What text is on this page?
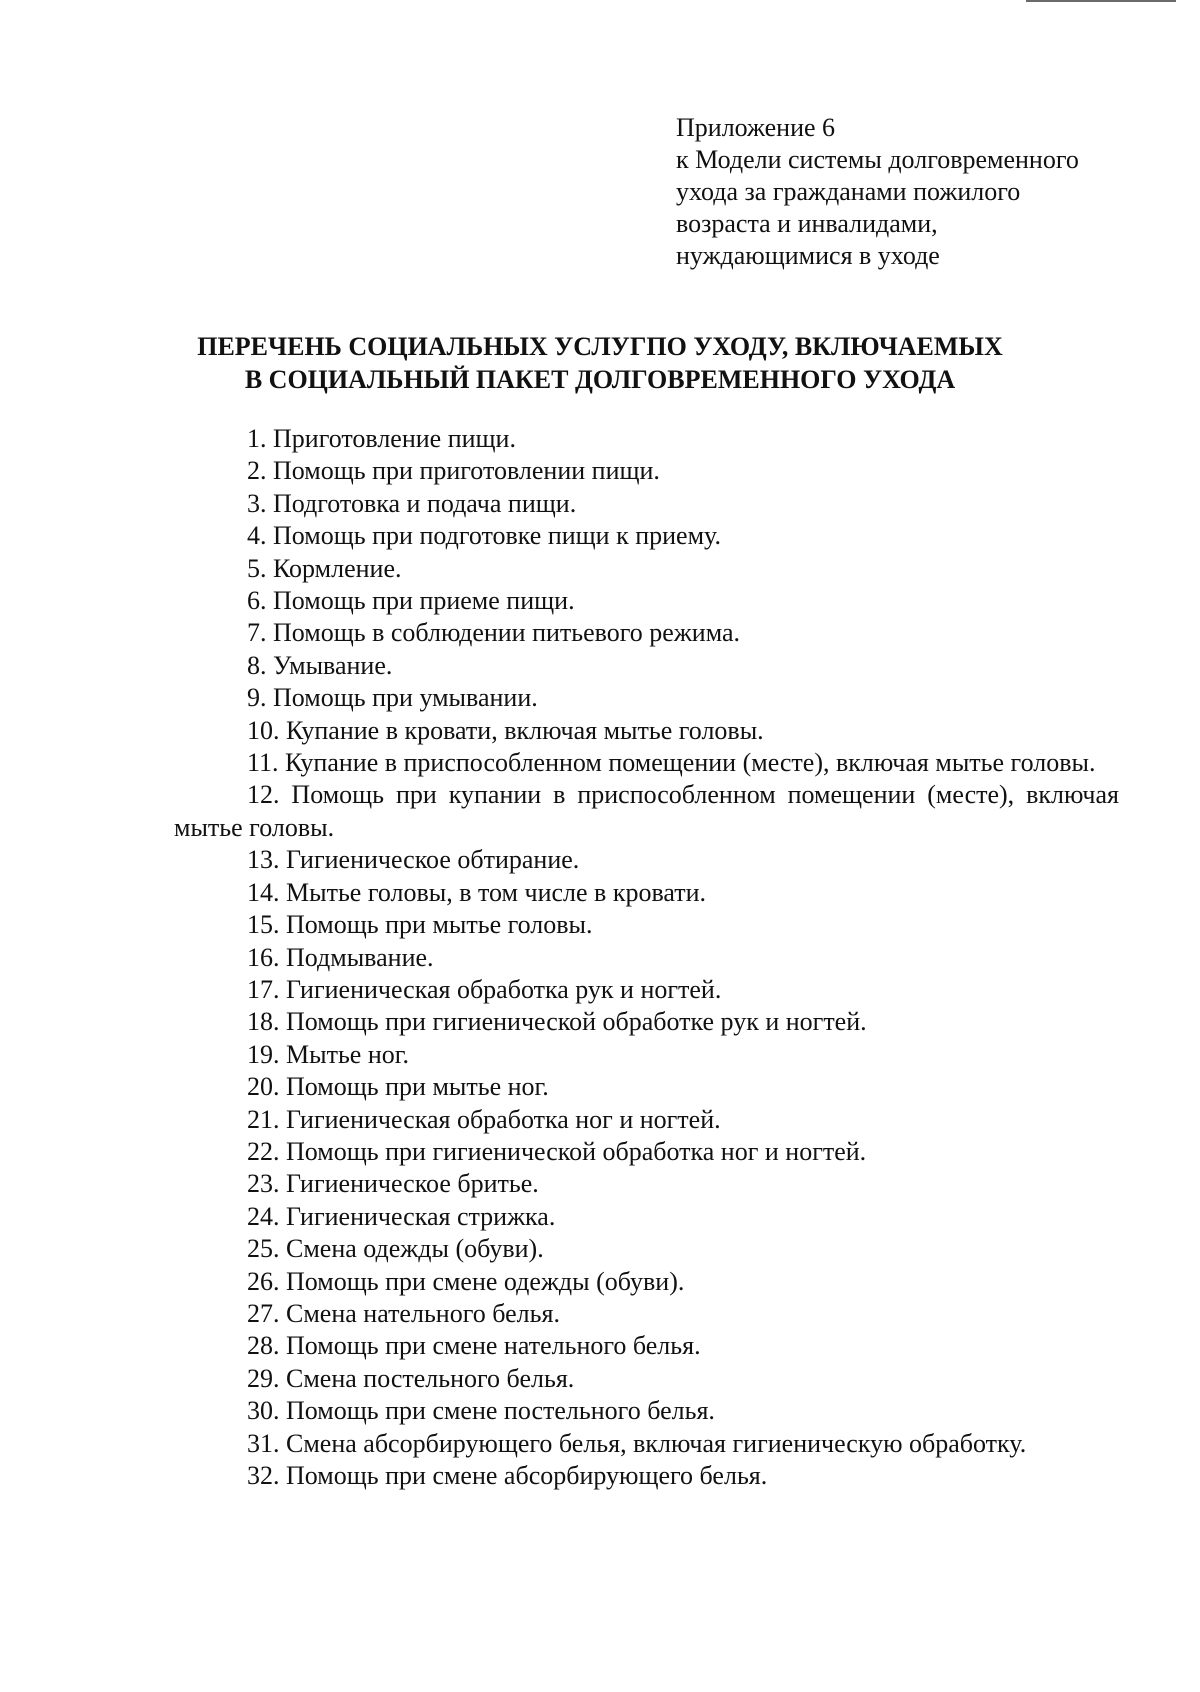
Приложение 6
к Модели системы долговременного
ухода за гражданами пожилого
возраста и инвалидами,
нуждающимися в уходе
ПЕРЕЧЕНЬ СОЦИАЛЬНЫХ УСЛУГПО УХОДУ, ВКЛЮЧАЕМЫХ
В СОЦИАЛЬНЫЙ ПАКЕТ ДОЛГОВРЕМЕННОГО УХОДА
1. Приготовление пищи.
2. Помощь при приготовлении пищи.
3. Подготовка и подача пищи.
4. Помощь при подготовке пищи к приему.
5. Кормление.
6. Помощь при приеме пищи.
7. Помощь в соблюдении питьевого режима.
8. Умывание.
9. Помощь при умывании.
10. Купание в кровати, включая мытье головы.
11. Купание в приспособленном помещении (месте), включая мытье головы.
12. Помощь при купании в приспособленном помещении (месте), включая мытье головы.
13. Гигиеническое обтирание.
14. Мытье головы, в том числе в кровати.
15. Помощь при мытье головы.
16. Подмывание.
17. Гигиеническая обработка рук и ногтей.
18. Помощь при гигиенической обработке рук и ногтей.
19. Мытье ног.
20. Помощь при мытье ног.
21. Гигиеническая обработка ног и ногтей.
22. Помощь при гигиенической обработка ног и ногтей.
23. Гигиеническое бритье.
24. Гигиеническая стрижка.
25. Смена одежды (обуви).
26. Помощь при смене одежды (обуви).
27. Смена нательного белья.
28. Помощь при смене нательного белья.
29. Смена постельного белья.
30. Помощь при смене постельного белья.
31. Смена абсорбирующего белья, включая гигиеническую обработку.
32. Помощь при смене абсорбирующего белья.
